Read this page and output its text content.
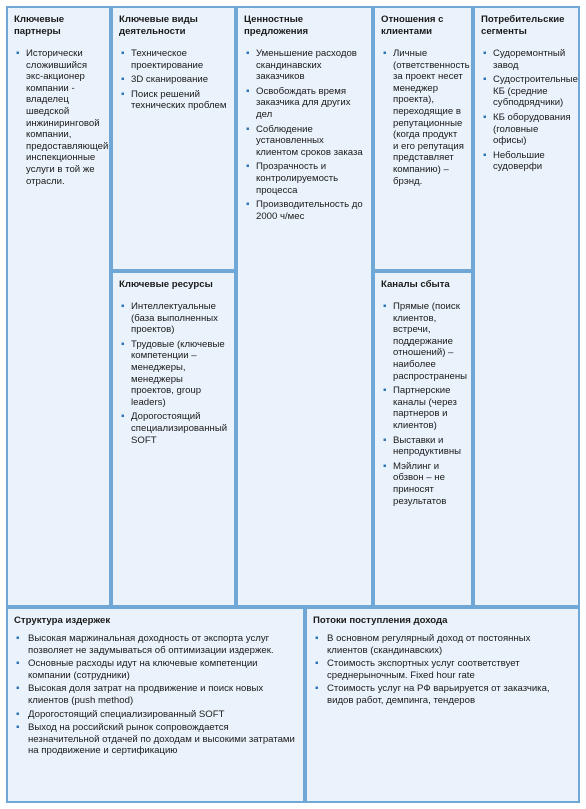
Ключевые партнеры
▪ Исторически сложившийся экс-акционер компании - владелец шведской инжинирингoвой компании, предоставляющей инспекционные услуги в той же отрасли.
Ключевые виды деятельности
▪ Техническое проектирование
▪ 3D сканирование
▪ Поиск решений технических проблем
Ключевые ресурсы
▪ Интеллектуальные (база выполненных проектов)
▪ Трудовые (ключевые компетенции – менеджеры, менеджеры проектов, group leaders)
▪ Дорогостоящий специализированный SOFT
Ценностные предложения
▪ Уменьшение расходов скандинавских заказчиков
▪ Освобождать время заказчика для других дел
▪ Соблюдение установленных клиентом сроков заказа
▪ Прозрачность и контролируемость процесса
▪ Производительность до 2000 ч/мес
Отношения с клиентами
▪ Личные (ответственность за проект несет менеджер проекта), переходящие в репутационные (когда продукт и его репутация представляет компанию) – брэнд.
Каналы сбыта
▪ Прямые (поиск клиентов, встречи, поддержание отношений) – наиболее распространены
▪ Партнерские каналы (через партнеров и клиентов)
▪ Выставки и непродуктивны
▪ Мэйлинг и обзвон – не приносят результатов
Потребительские сегменты
▪ Судоремонтный завод
▪ Судостроительные КБ (средние субподрядчики)
▪ КБ оборудования (головные офисы)
▪ Небольшие судоверфи
Структура издержек
▪ Высокая маржинальная доходность от экспорта услуг позволяет не задумываться об оптимизации издержек.
▪ Основные расходы идут на ключевые компетенции компании (сотрудники)
▪ Высокая доля затрат на продвижение и поиск новых клиентов (push method)
▪ Дорогостоящий специализированный SOFT
▪ Выход на российский рынок сопровождается незначительной отдачей по доходам и высокими затратами на продвижение и сертификацию
Потоки поступления дохода
▪ В основном регулярный доход от постоянных клиентов (скандинавских)
▪ Стоимость экспортных услуг соответствует среднерыночным. Fixed hour rate
▪ Стоимость услуг на РФ варьируется от заказчика, видов работ, демпинга, тендеров
